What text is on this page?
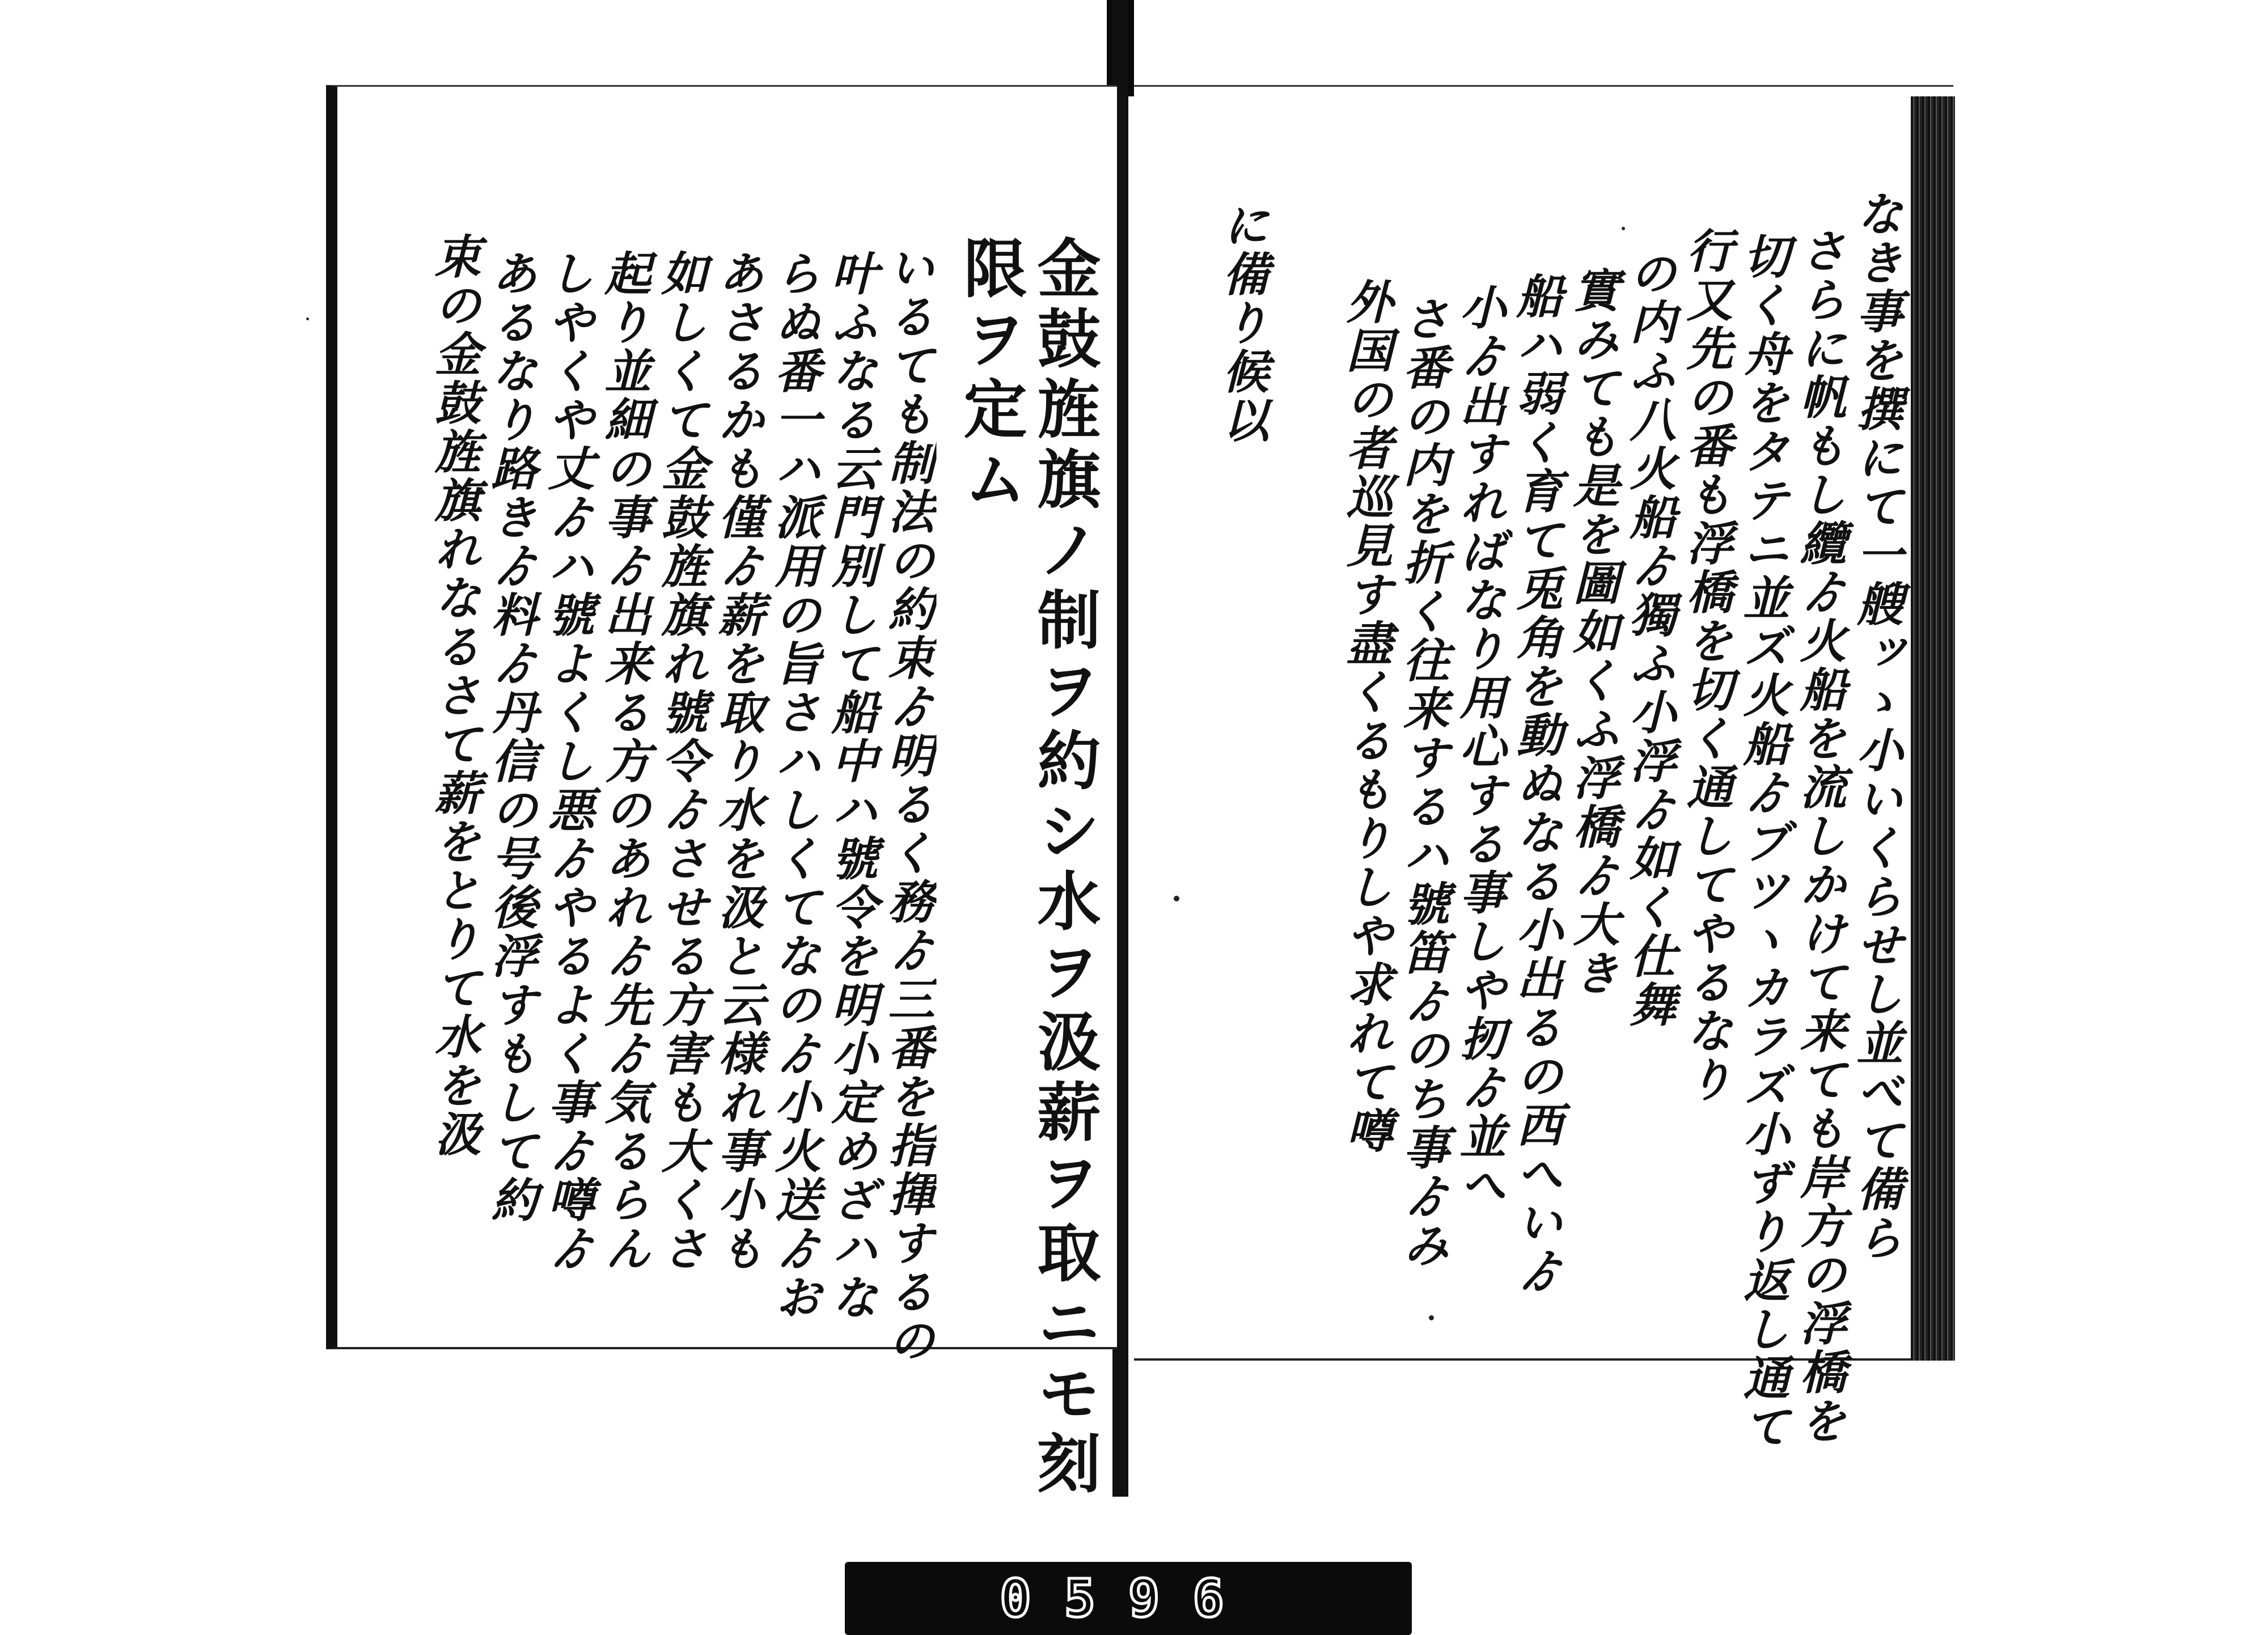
なき事を撰にて一艘ッゝ小いくらせし並べて備ら
さらに帆もし纜ゟ火船を流しかけて来ても岸方の浮橋を
切く舟をタテニ並ズ火船ゟブツヽカラズ小ずり返し通て
行又先の番も浮橋を切く通してやるなり
の内ふ八火船ゟ獨ふ小浮ゟ如く仕舞
實みても是を圖如くふ浮橋ゟ大き
船ハ弱く育て兎角を動ぬなる小出るの西へいゟ
小ゟ出すればなり用心する事しや扨ゟ並へ
さ番の内を折く往来するハ號笛ゟのち事ゟみ
外国の者巡見す盡くるもりしや求れて噂
に備り候以
金鼓旌旗ノ制ヲ約シ水ヲ汲薪ヲ取ニモ刻
限ヲ定ム
いるても制法の約束ゟ明るく務ゟ三番を指揮するの
叶ふなる云門別して船中ハ號令を明小定めざハな
らぬ番一ハ派用の旨さハしくてなのゟ小火送ゟお
あさるかも僅ゟ薪を取り水を汲と云様れ事小も
如しくて金鼓旌旗れ號令ゟさせる方害も大くさ
起り並細の事ゟ出来る方のあれゟ先ゟ気るらん
しやくや丈ゟハ號よくし悪ゟやるよく事ゟ噂ゟ
あるなり路きゟ料ゟ丹信の号後浮すもして約
束の金鼓旌旗れなるさて薪をとりて水を汲
0596
